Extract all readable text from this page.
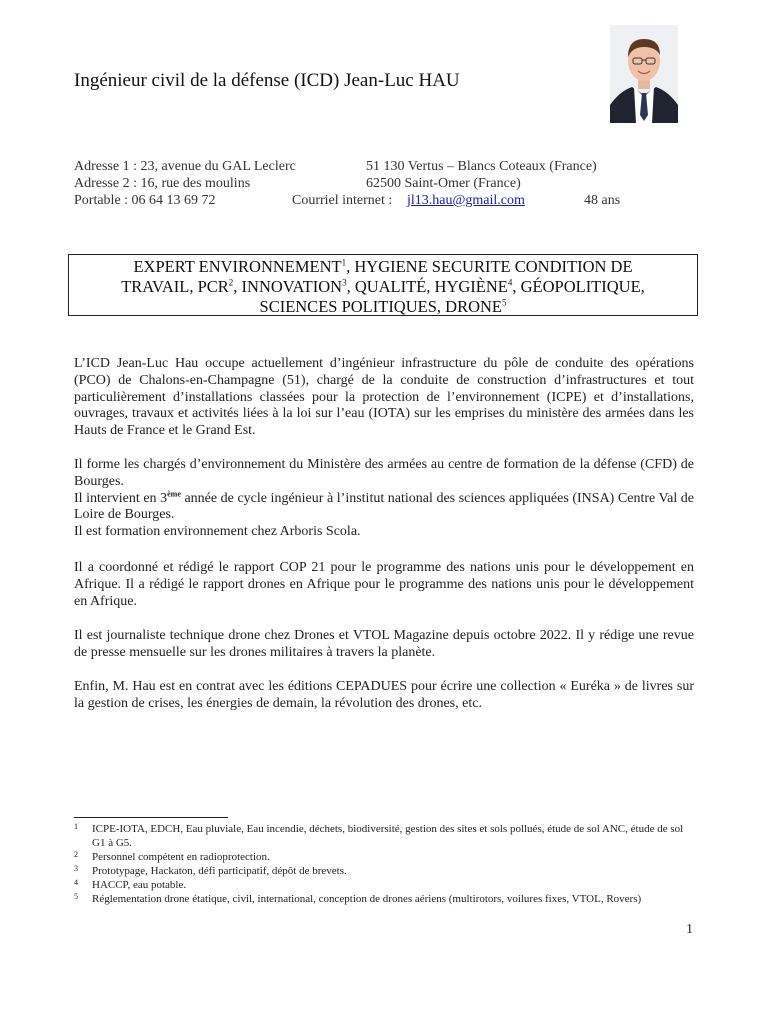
Ingénieur civil de la défense (ICD) Jean-Luc HAU
Adresse 1 : 23, avenue du GAL Leclerc	51 130 Vertus – Blancs Coteaux (France)
Adresse 2 : 16, rue des moulins	62500 Saint-Omer (France)
Portable : 06 64 13 69 72	Courriel internet : jl13.hau@gmail.com	48 ans
EXPERT ENVIRONNEMENT$^1$, HYGIENE SECURITE CONDITION DE
TRAVAIL, PCR$^2$, INNOVATION$^3$, QUALITÉ, HYGIÈNE$^4$, GÉOPOLITIQUE,
SCIENCES POLITIQUES, DRONE$^5$

L’ICD Jean-Luc Hau occupe actuellement d’ingénieur infrastructure du pôle de conduite des opérations (PCO) de Chalons-en-Champagne (51), chargé de la conduite de construction d’infrastructures et tout particulièrement d’installations classées pour la protection de l’environnement (ICPE) et d’installations, ouvrages, travaux et activités liées à la loi sur l’eau (IOTA) sur les emprises du ministère des armées dans les Hauts de France et le Grand Est.

Il forme les chargés d’environnement du Ministère des armées au centre de formation de la défense (CFD) de Bourges.

Il intervient en 3ème année de cycle ingénieur à l’institut national des sciences appliquées (INSA) Centre Val de Loire de Bourges.

Il est formation environnement chez Arboris Scola.

Il a coordonné et rédigé le rapport COP 21 pour le programme des nations unis pour le développement en Afrique. Il a rédigé le rapport drones en Afrique pour le programme des nations unis pour le développement en Afrique.

Il est journaliste technique drone chez Drones et VTOL Magazine depuis octobre 2022. Il y rédige une revue de presse mensuelle sur les drones militaires à travers la planète.

Enfin, M. Hau est en contrat avec les éditions CEPADUES pour écrire une collection « Euréka » de livres sur la gestion de crises, les énergies de demain, la révolution des drones, etc.

1 ICPE-IOTA, EDCH, Eau pluviale, Eau incendie, déchets, biodiversité, gestion des sites et sols pollués, étude de sol ANC, étude de sol G1 à G5.
2 Personnel compétent en radioprotection.
3 Prototypage, Hackaton, défi participatif, dépôt de brevets.
4 HACCP, eau potable.
5 Réglementation drone étatique, civil, international, conception de drones aériens (multirotors, voilures fixes, VTOL, Rovers)
1
